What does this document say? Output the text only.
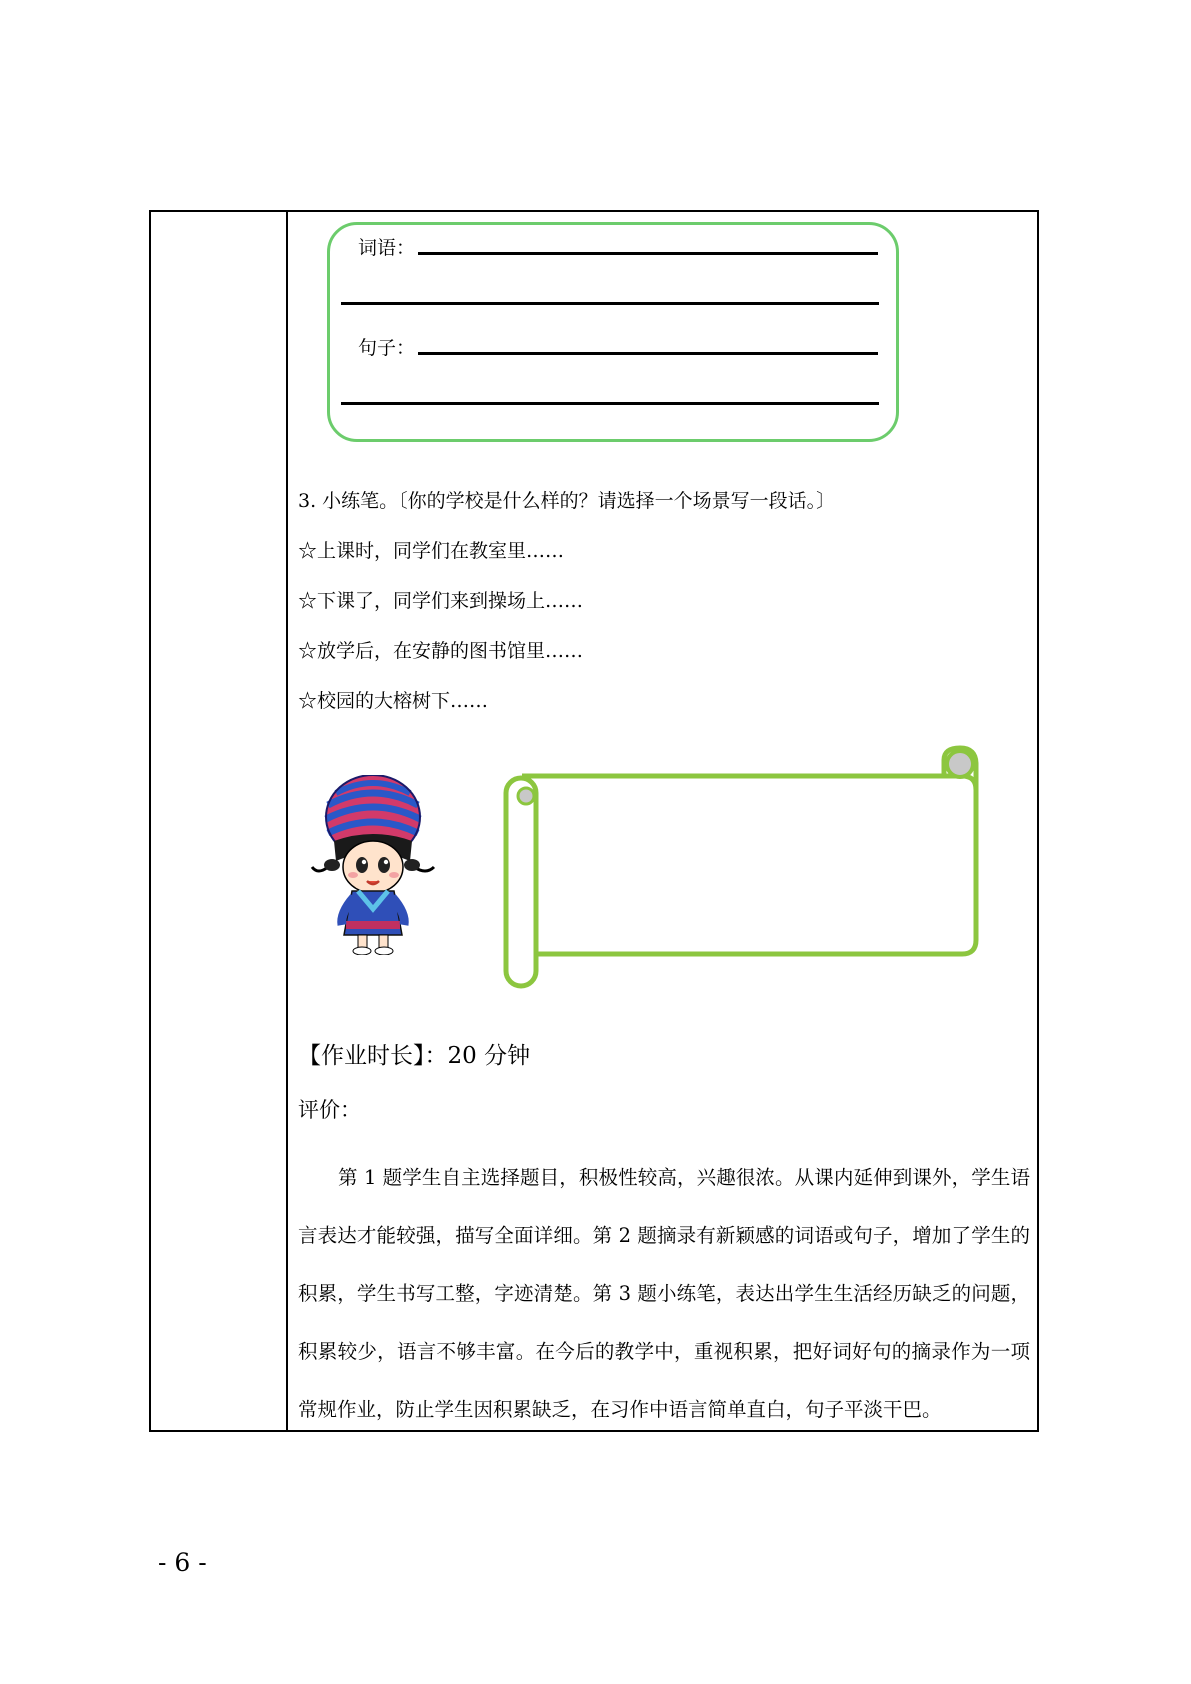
词语：
句子：
3. 小练笔。〔你的学校是什么样的？请选择一个场景写一段话。〕
☆上课时，同学们在教室里……
☆下课了，同学们来到操场上……
☆放学后，在安静的图书馆里……
☆校园的大榕树下……
【作业时长】：20 分钟
评价：
第 1 题学生自主选择题目，积极性较高，兴趣很浓。从课内延伸到课外，学生语言表达才能较强，描写全面详细。第 2 题摘录有新颖感的词语或句子，增加了学生的积累，学生书写工整，字迹清楚。第 3 题小练笔，表达出学生生活经历缺乏的问题，积累较少，语言不够丰富。在今后的教学中，重视积累，把好词好句的摘录作为一项常规作业，防止学生因积累缺乏，在习作中语言简单直白，句子平淡干巴。
- 6 -
